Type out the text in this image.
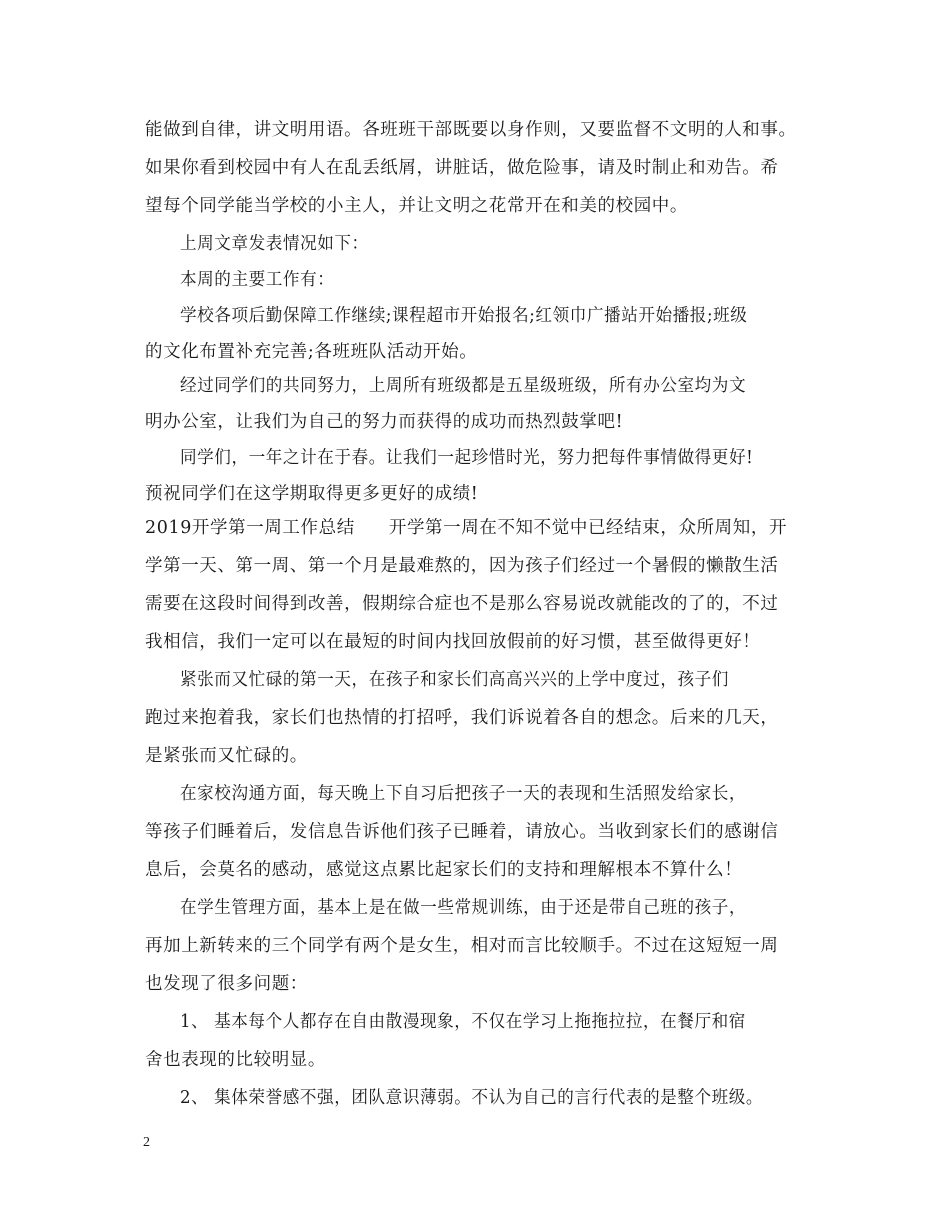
能做到自律，讲文明用语。各班班干部既要以身作则，又要监督不文明的人和事。
如果你看到校园中有人在乱丢纸屑，讲脏话，做危险事，请及时制止和劝告。希
望每个同学能当学校的小主人，并让文明之花常开在和美的校园中。
上周文章发表情况如下：
本周的主要工作有：
学校各项后勤保障工作继续;课程超市开始报名;红领巾广播站开始播报;班级
的文化布置补充完善;各班班队活动开始。
经过同学们的共同努力，上周所有班级都是五星级班级，所有办公室均为文
明办公室，让我们为自己的努力而获得的成功而热烈鼓掌吧!
同学们，一年之计在于春。让我们一起珍惜时光，努力把每件事情做得更好!
预祝同学们在这学期取得更多更好的成绩!
2019开学第一周工作总结 开学第一周在不知不觉中已经结束，众所周知，开
学第一天、第一周、第一个月是最难熬的，因为孩子们经过一个暑假的懒散生活
需要在这段时间得到改善，假期综合症也不是那么容易说改就能改的了的，不过
我相信，我们一定可以在最短的时间内找回放假前的好习惯，甚至做得更好！
紧张而又忙碌的第一天，在孩子和家长们高高兴兴的上学中度过，孩子们
跑过来抱着我，家长们也热情的打招呼，我们诉说着各自的想念。后来的几天，
是紧张而又忙碌的。
在家校沟通方面，每天晚上下自习后把孩子一天的表现和生活照发给家长，
等孩子们睡着后，发信息告诉他们孩子已睡着，请放心。当收到家长们的感谢信
息后，会莫名的感动，感觉这点累比起家长们的支持和理解根本不算什么！
在学生管理方面，基本上是在做一些常规训练，由于还是带自己班的孩子，
再加上新转来的三个同学有两个是女生，相对而言比较顺手。不过在这短短一周
也发现了很多问题：
1、 基本每个人都存在自由散漫现象，不仅在学习上拖拖拉拉，在餐厅和宿
舍也表现的比较明显。
2、 集体荣誉感不强，团队意识薄弱。不认为自己的言行代表的是整个班级。
2
